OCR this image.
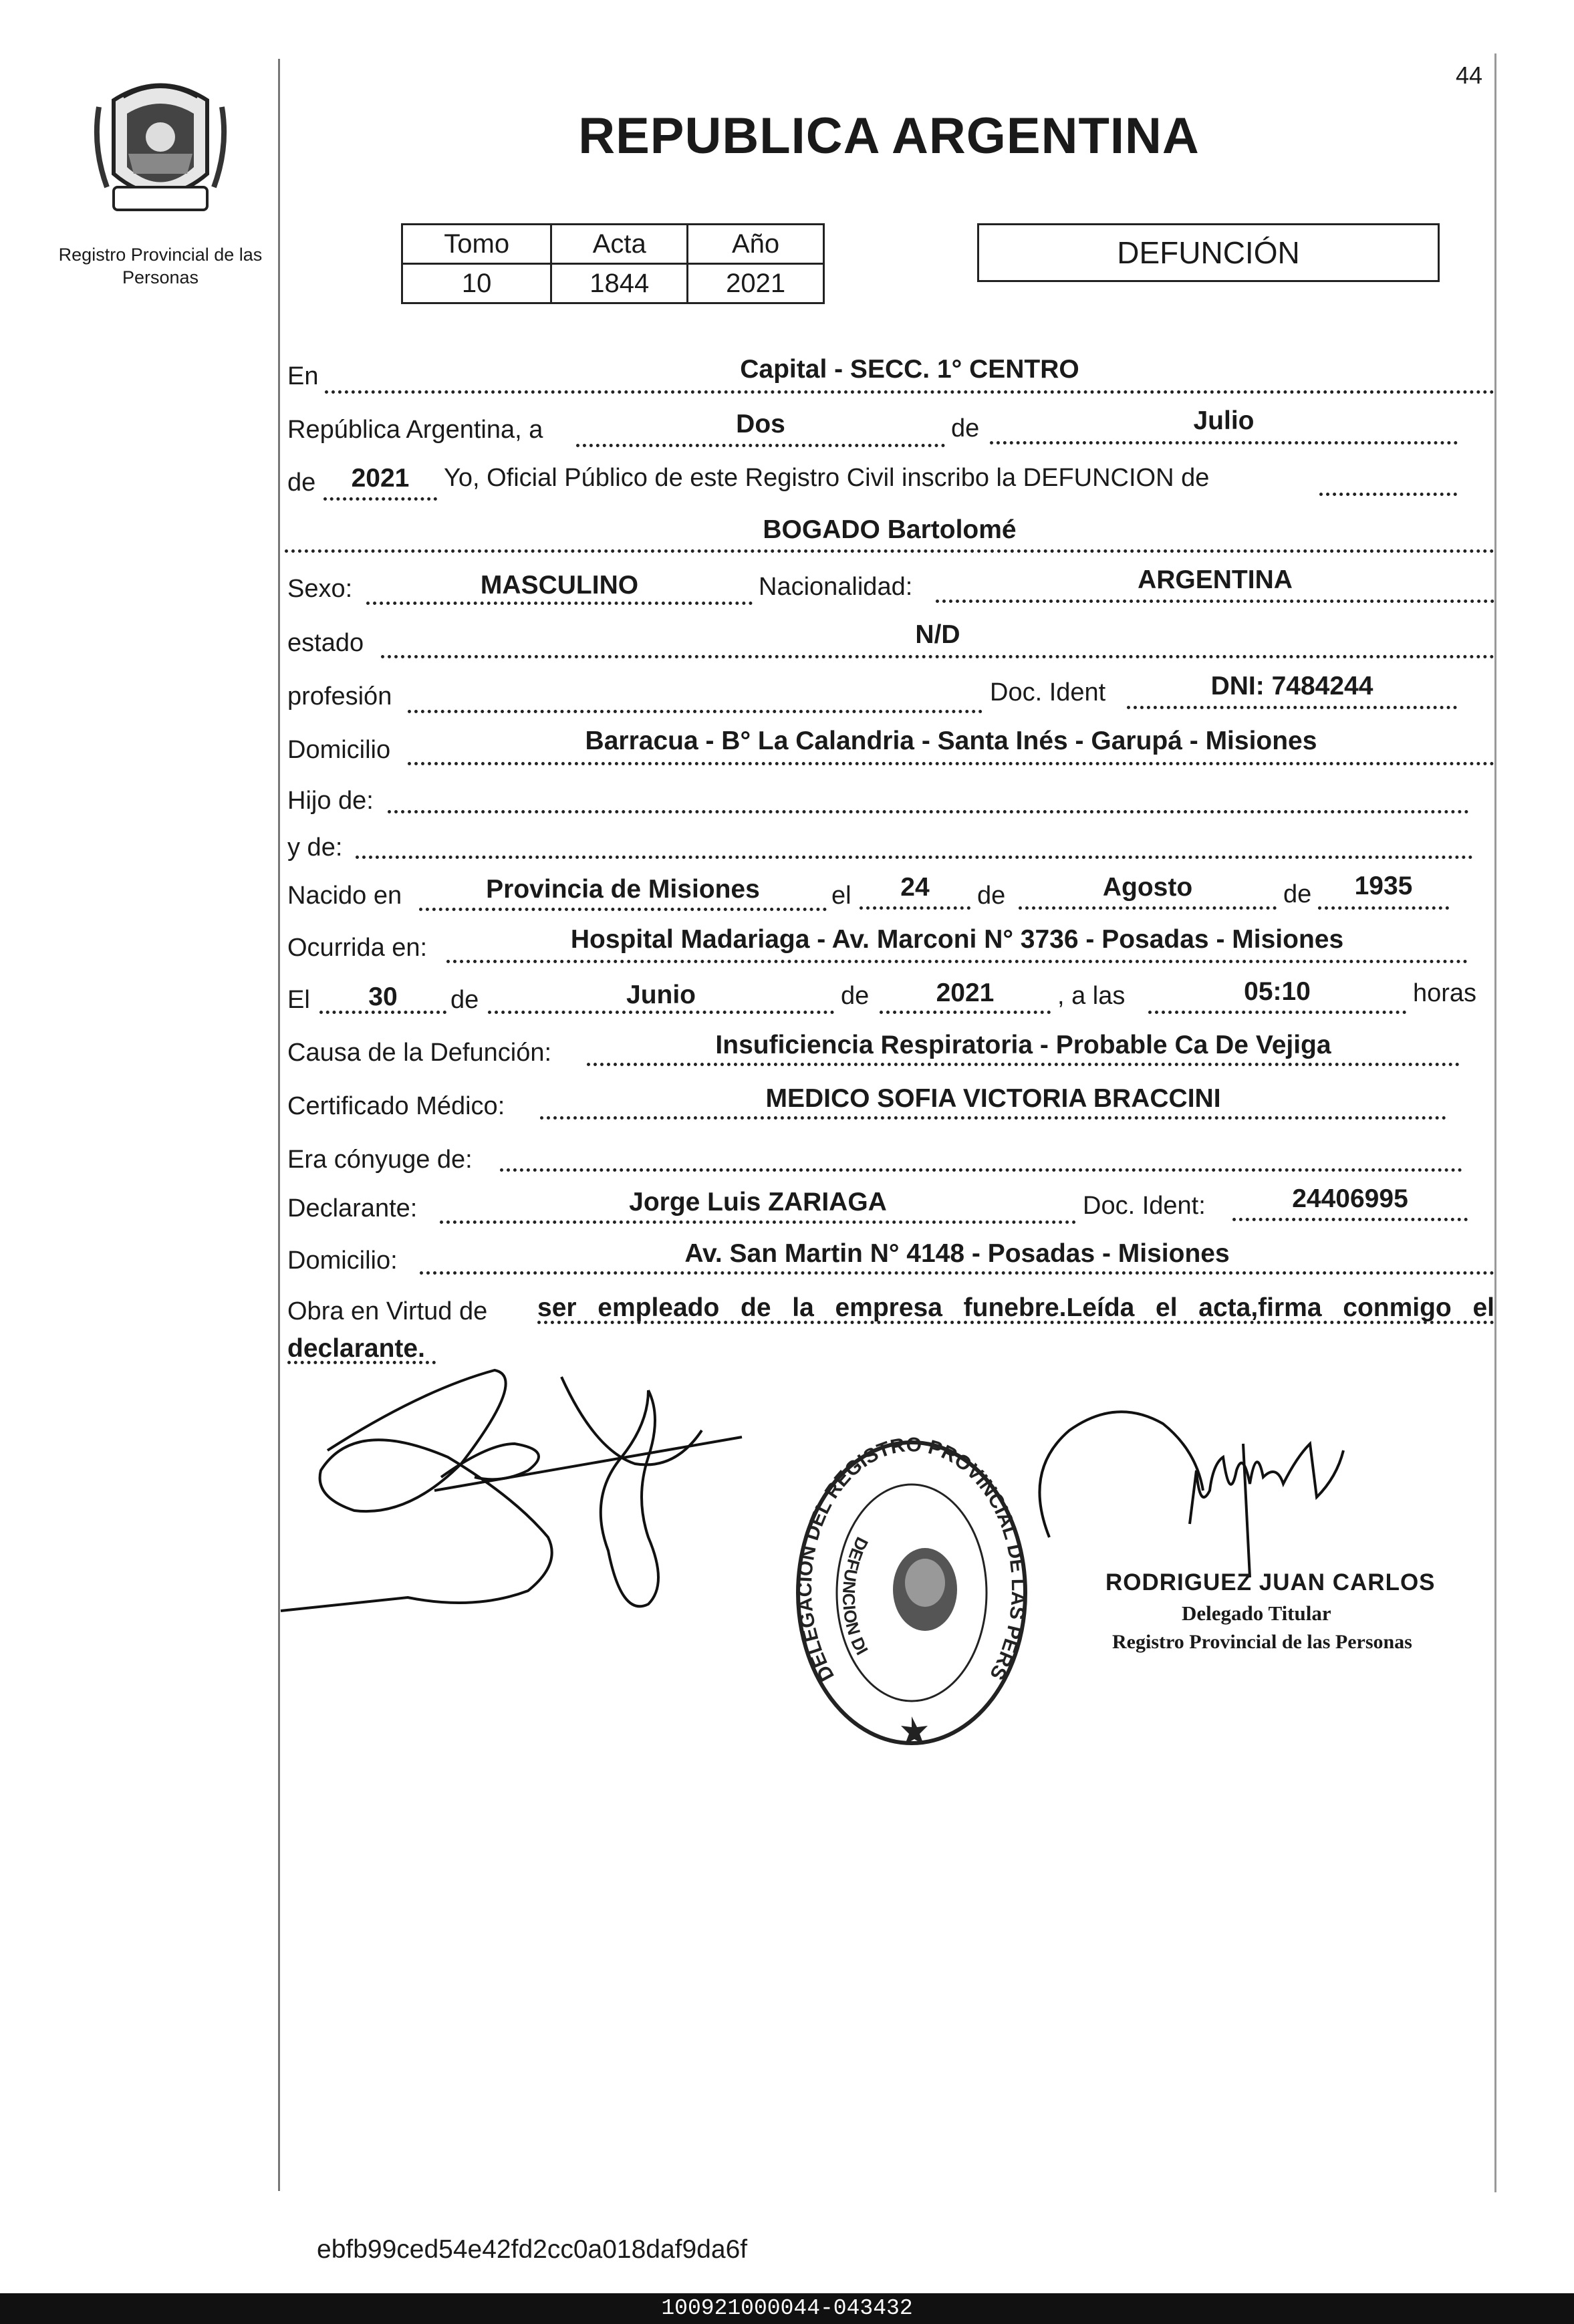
Registro Provincial de las Personas
44
REPUBLICA ARGENTINA
Tomo	Acta	Año
10	1844	2021
DEFUNCIÓN
En	Capital - SECC. 1° CENTRO
República Argentina, a	Dos	de	Julio
de	2021	Yo, Oficial Público de este Registro Civil inscribo la DEFUNCION de
BOGADO Bartolomé
Sexo:	MASCULINO	Nacionalidad:	ARGENTINA
estado	N/D
profesión	Doc. Ident	DNI: 7484244
Domicilio	Barracua - B° La Calandria - Santa Inés - Garupá - Misiones
Hijo de:
y de:
Nacido en	Provincia de Misiones	el	24	de	Agosto	de	1935
Ocurrida en:	Hospital Madariaga - Av. Marconi N° 3736 - Posadas - Misiones
El	30	de	Junio	de	2021	, a las	05:10	horas
Causa de la Defunción:	Insuficiencia Respiratoria - Probable Ca De Vejiga
Certificado Médico:	MEDICO SOFIA VICTORIA BRACCINI
Era cónyuge de:
Declarante:	Jorge Luis ZARIAGA	Doc. Ident:	24406995
Domicilio:	Av. San Martin N° 4148 - Posadas - Misiones
Obra en Virtud de ser empleado de la empresa funebre.Leída el acta,firma conmigo el
declarante.
DELEGACION DEL REGISTRO PROVINCIAL DE LAS PERS
DEFUNCION DI
RODRIGUEZ JUAN CARLOS
Delegado Titular
Registro Provincial de las Personas
ebfb99ced54e42fd2cc0a018daf9da6f
100921000044-043432
